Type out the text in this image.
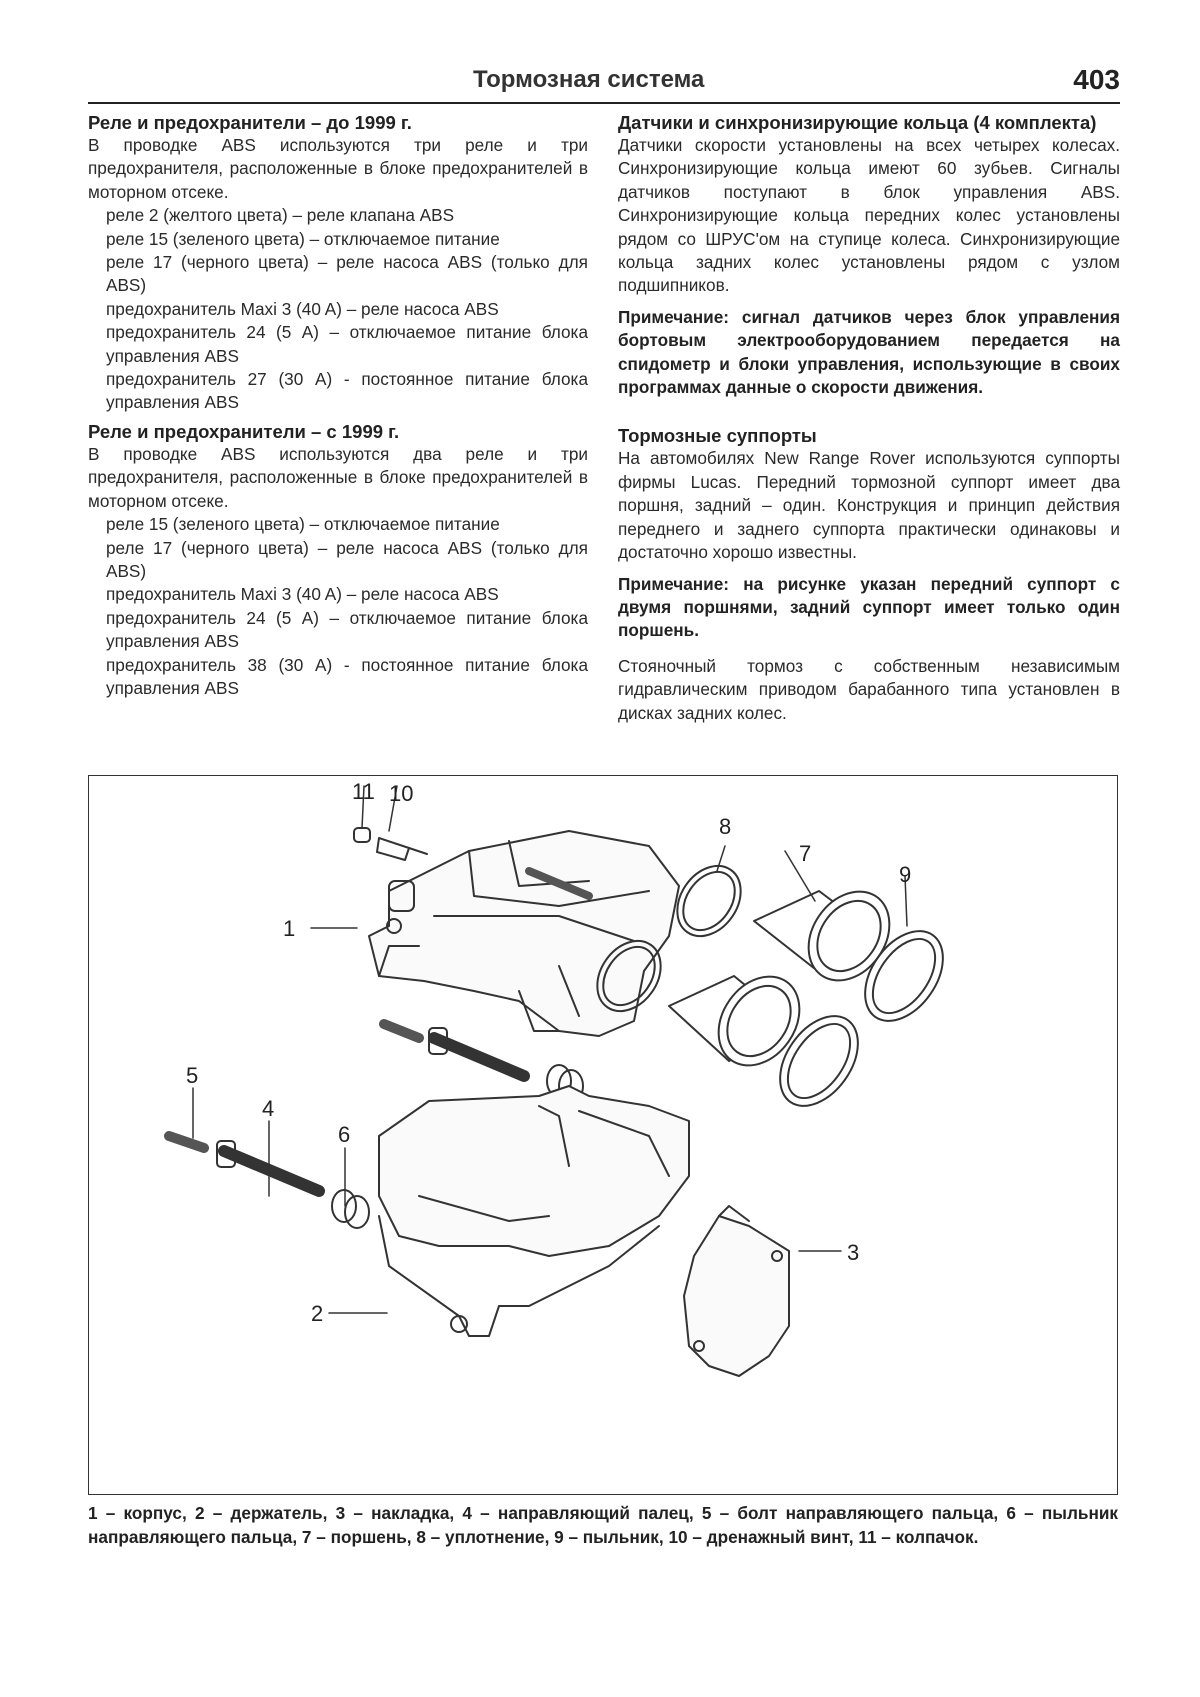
Тормозная система	403
Реле и предохранители – до 1999 г.

В проводке ABS используются три реле и три предохранителя, расположенные в блоке предохранителей в моторном отсеке.

реле 2 (желтого цвета) – реле клапана ABS

реле 15 (зеленого цвета) – отключаемое питание

реле 17 (черного цвета) – реле насоса ABS (только для ABS)

предохранитель Maxi 3 (40 A) – реле насоса ABS

предохранитель 24 (5 A) – отключаемое питание блока управления ABS

предохранитель 27 (30 A) - постоянное питание блока управления ABS

Реле и предохранители – с 1999 г.

В проводке ABS используются два реле и три предохранителя, расположенные в блоке предохранителей в моторном отсеке.

реле 15 (зеленого цвета) – отключаемое питание

реле 17 (черного цвета) – реле насоса ABS (только для ABS)

предохранитель Maxi 3 (40 A) – реле насоса ABS

предохранитель 24 (5 A) – отключаемое питание блока управления ABS

предохранитель 38 (30 A) - постоянное питание блока управления ABS

Датчики и синхронизирующие кольца (4 комплекта)

Датчики скорости установлены на всех четырех колесах. Синхронизирующие кольца имеют 60 зубьев. Сигналы датчиков поступают в блок управления ABS. Синхронизирующие кольца передних колес установлены рядом со ШРУС'ом на ступице колеса. Синхронизирующие кольца задних колес установлены рядом с узлом подшипников.

Примечание: сигнал датчиков через блок управления бортовым электрооборудованием передается на спидометр и блоки управления, использующие в своих программах данные о скорости движения.

Тормозные суппорты

На автомобилях New Range Rover используются суппорты фирмы Lucas. Передний тормозной суппорт имеет два поршня, задний – один. Конструкция и принцип действия переднего и заднего суппорта практически одинаковы и достаточно хорошо известны.

Примечание: на рисунке указан передний суппорт с двумя поршнями, задний суппорт имеет только один поршень.

Стояночный тормоз с собственным независимым гидравлическим приводом барабанного типа установлен в дисках задних колес.

1
2
3
4
5
6
7
8
9
10
11
1 – корпус, 2 – держатель, 3 – накладка, 4 – направляющий палец, 5 – болт направляющего пальца, 6 – пыльник направляющего пальца, 7 – поршень, 8 – уплотнение, 9 – пыльник, 10 – дренажный винт, 11 – колпачок.
